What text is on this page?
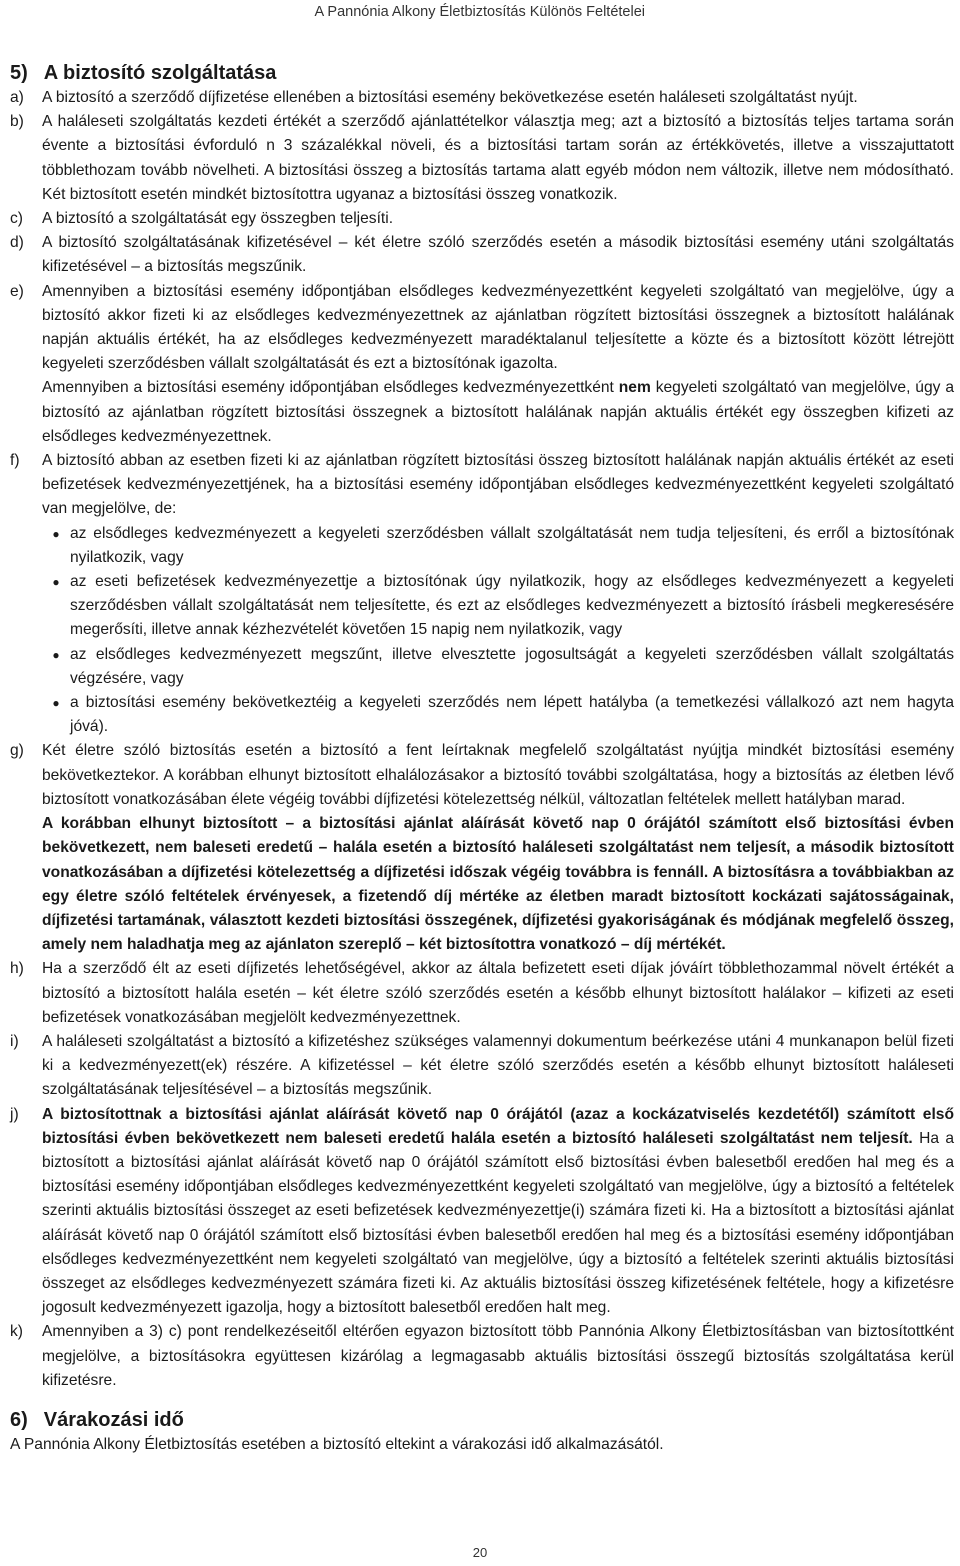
A Pannónia Alkony Életbiztosítás Különös Feltételei
5) A biztosító szolgáltatása
a)	A biztosító a szerződő díjfizetése ellenében a biztosítási esemény bekövetkezése esetén haláleseti szolgáltatást nyújt.
b)	A haláleseti szolgáltatás kezdeti értékét a szerződő ajánlattételkor választja meg; azt a biztosító a biztosítás teljes tartama során évente a biztosítási évforduló n 3 százalékkal növeli, és a biztosítási tartam során az értékkövetés, illetve a visszajuttatott többlethozam tovább növelheti. A biztosítási összeg a biztosítás tartama alatt egyéb módon nem változik, illetve nem módosítható. Két biztosított esetén mindkét biztosítottra ugyanaz a biztosítási összeg vonatkozik.
c)	A biztosító a szolgáltatását egy összegben teljesíti.
d)	A biztosító szolgáltatásának kifizetésével – két életre szóló szerződés esetén a második biztosítási esemény utáni szolgáltatás kifizetésével – a biztosítás megszűnik.
e)	Amennyiben a biztosítási esemény időpontjában elsődleges kedvezményezettként kegyeleti szolgáltató van megjelölve, úgy a biztosító akkor fizeti ki az elsődleges kedvezményezettnek az ajánlatban rögzített biztosítási összegnek a biztosított halálának napján aktuális értékét, ha az elsődleges kedvezményezett maradéktalanul teljesítette a közte és a biztosított között létrejött kegyeleti szerződésben vállalt szolgáltatását és ezt a biztosítónak igazolta.
Amennyiben a biztosítási esemény időpontjában elsődleges kedvezményezettként nem kegyeleti szolgáltató van megjelölve, úgy a biztosító az ajánlatban rögzített biztosítási összegnek a biztosított halálának napján aktuális értékét egy összegben kifizeti az elsődleges kedvezményezettnek.
f)	A biztosító abban az esetben fizeti ki az ajánlatban rögzített biztosítási összeg biztosított halálának napján aktuális értékét az eseti befizetések kedvezményezettjének, ha a biztosítási esemény időpontjában elsődleges kedvezményezettként kegyeleti szolgáltató van megjelölve, de:
● az elsődleges kedvezményezett a kegyeleti szerződésben vállalt szolgáltatását nem tudja teljesíteni, és erről a biztosítónak nyilatkozik, vagy
● az eseti befizetések kedvezményezettje a biztosítónak úgy nyilatkozik, hogy az elsődleges kedvezményezett a kegyeleti szerződésben vállalt szolgáltatását nem teljesítette, és ezt az elsődleges kedvezményezett a biztosító írásbeli megkeresésére megerősíti, illetve annak kézhezvételét követően 15 napig nem nyilatkozik, vagy
● az elsődleges kedvezményezett megszűnt, illetve elvesztette jogosultságát a kegyeleti szerződésben vállalt szolgáltatás végzésére, vagy
● a biztosítási esemény bekövetkeztéig a kegyeleti szerződés nem lépett hatályba (a temetkezési vállalkozó azt nem hagyta jóvá).
g)	Két életre szóló biztosítás esetén a biztosító a fent leírtaknak megfelelő szolgáltatást nyújtja mindkét biztosítási esemény bekövetkeztekor. A korábban elhunyt biztosított elhalálozásakor a biztosító további szolgáltatása, hogy a biztosítás az életben lévő biztosított vonatkozásában élete végéig további díjfizetési kötelezettség nélkül, változatlan feltételek mellett hatályban marad.
A korábban elhunyt biztosított – a biztosítási ajánlat aláírását követő nap 0 órájától számított első biztosítási évben bekövetkezett, nem baleseti eredetű – halála esetén a biztosító haláleseti szolgáltatást nem teljesít, a második biztosított vonatkozásában a díjfizetési kötelezettség a díjfizetési időszak végéig továbbra is fennáll. A biztosításra a továbbiakban az egy életre szóló feltételek érvényesek, a fizetendő díj mértéke az életben maradt biztosított kockázati sajátosságainak, díjfizetési tartamának, választott kezdeti biztosítási összegének, díjfizetési gyakoriságának és módjának megfelelő összeg, amely nem haladhatja meg az ajánlaton szereplő – két biztosítottra vonatkozó – díj mértékét.
h)	Ha a szerződő élt az eseti díjfizetés lehetőségével, akkor az általa befizetett eseti díjak jóváírt többlethozammal növelt értékét a biztosító a biztosított halála esetén – két életre szóló szerződés esetén a később elhunyt biztosított halálakor – kifizeti az eseti befizetések vonatkozásában megjelölt kedvezményezettnek.
i)	A haláleseti szolgáltatást a biztosító a kifizetéshez szükséges valamennyi dokumentum beérkezése utáni 4 munkanapon belül fizeti ki a kedvezményezett(ek) részére. A kifizetéssel – két életre szóló szerződés esetén a később elhunyt biztosított haláleseti szolgáltatásának teljesítésével – a biztosítás megszűnik.
j)	A biztosítottnak a biztosítási ajánlat aláírását követő nap 0 órájától (azaz a kockázatviselés kezdetétől) számított első biztosítási évben bekövetkezett nem baleseti eredetű halála esetén a biztosító haláleseti szolgáltatást nem teljesít. Ha a biztosított a biztosítási ajánlat aláírását követő nap 0 órájától számított első biztosítási évben balesetből eredően hal meg és a biztosítási esemény időpontjában elsődleges kedvezményezettként kegyeleti szolgáltató van megjelölve, úgy a biztosító a feltételek szerinti aktuális biztosítási összeget az eseti befizetések kedvezményezettje(i) számára fizeti ki. Ha a biztosított a biztosítási ajánlat aláírását követő nap 0 órájától számított első biztosítási évben balesetből eredően hal meg és a biztosítási esemény időpontjában elsődleges kedvezményezettként nem kegyeleti szolgáltató van megjelölve, úgy a biztosító a feltételek szerinti aktuális biztosítási összeget az elsődleges kedvezményezett számára fizeti ki. Az aktuális biztosítási összeg kifizetésének feltétele, hogy a kifizetésre jogosult kedvezményezett igazolja, hogy a biztosított balesetből eredően halt meg.
k)	Amennyiben a 3) c) pont rendelkezéseitől eltérően egyazon biztosított több Pannónia Alkony Életbiztosításban van biztosítottként megjelölve, a biztosításokra együttesen kizárólag a legmagasabb aktuális biztosítási összegű biztosítás szolgáltatása kerül kifizetésre.
6) Várakozási idő

A Pannónia Alkony Életbiztosítás esetében a biztosító eltekint a várakozási idő alkalmazásától.

20
